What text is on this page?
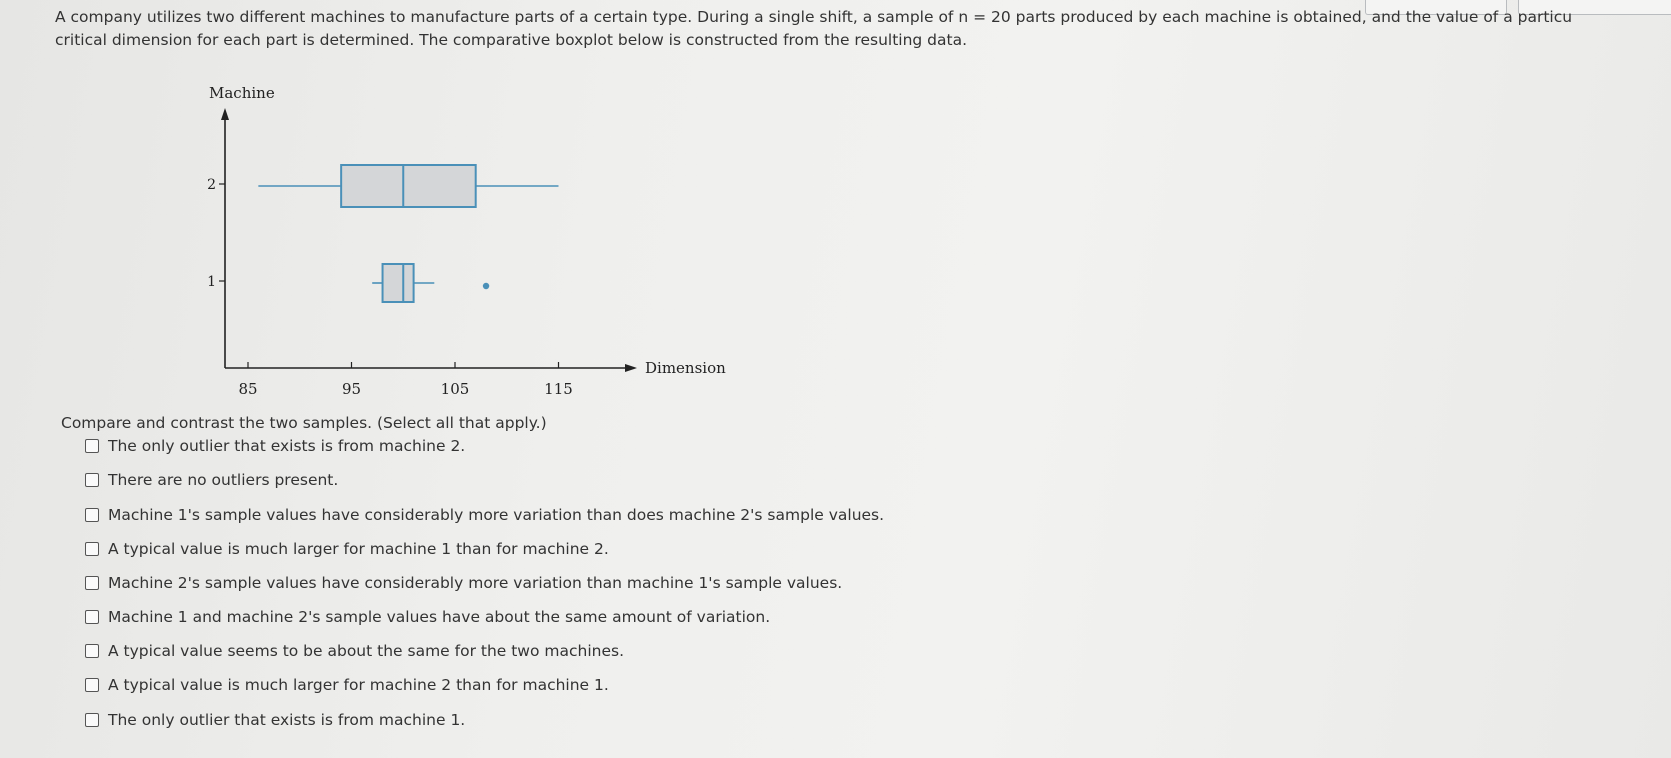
A company utilizes two different machines to manufacture parts of a certain type. During a single shift, a sample of n = 20 parts produced by each machine is obtained, and the value of a particu
critical dimension for each part is determined. The comparative boxplot below is constructed from the resulting data.
Machine
Dimension
85	95	105	115
1
2
Compare and contrast the two samples. (Select all that apply.)
The only outlier that exists is from machine 2.
There are no outliers present.
Machine 1's sample values have considerably more variation than does machine 2's sample values.
A typical value is much larger for machine 1 than for machine 2.
Machine 2's sample values have considerably more variation than machine 1's sample values.
Machine 1 and machine 2's sample values have about the same amount of variation.
A typical value seems to be about the same for the two machines.
A typical value is much larger for machine 2 than for machine 1.
The only outlier that exists is from machine 1.
